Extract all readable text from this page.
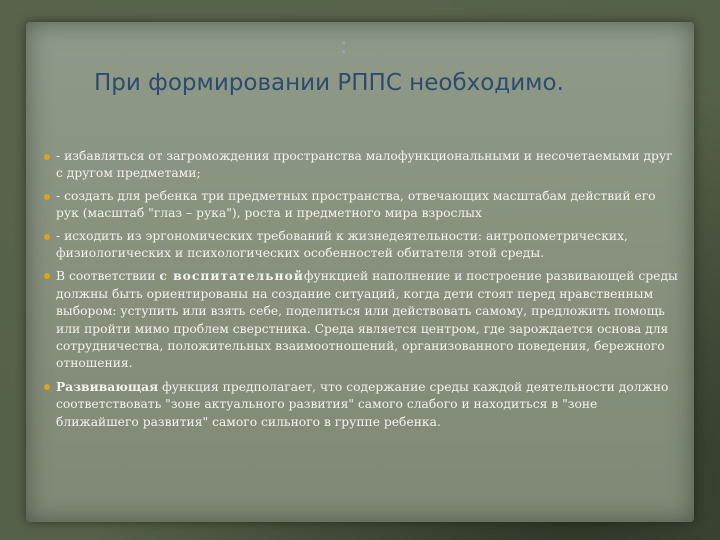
:
При формировании РППС необходимо.
- избавляться от загромождения пространства малофункциональными и несочетаемыми друг с другом предметами;
- создать для ребенка три предметных пространства, отвечающих масштабам действий его рук (масштаб "глаз – рука"), роста и предметного мира взрослых
- исходить из эргономических требований к жизнедеятельности: антропометрических, физиологических и психологических особенностей обитателя этой среды.
В соответствии с воспитательнойфункцией наполнение и построение развивающей среды должны быть ориентированы на создание ситуаций, когда дети стоят перед нравственным выбором: уступить или взять себе, поделиться или действовать самому, предложить помощь или пройти мимо проблем сверстника. Среда является центром, где зарождается основа для сотрудничества, положительных взаимоотношений, организованного поведения, бережного отношения.
Развивающая функция предполагает, что содержание среды каждой деятельности должно соответствовать "зоне актуального развития" самого слабого и находиться в "зоне ближайшего развития" самого сильного в группе ребенка.
